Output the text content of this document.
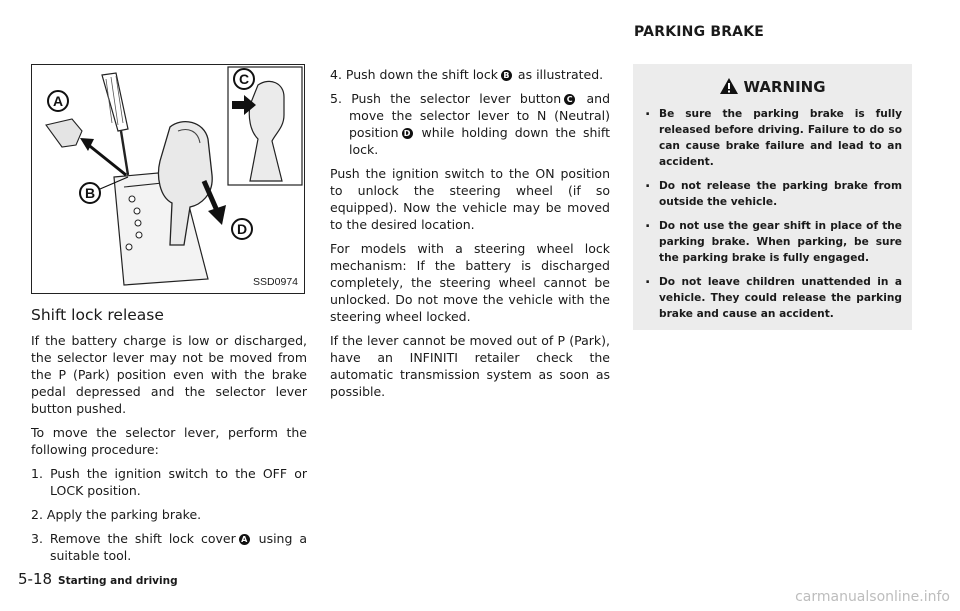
PARKING BRAKE
A
B
C
D
SSD0974
Shift lock release

If the battery charge is low or discharged, the selector lever may not be moved from the P (Park) position even with the brake pedal depressed and the selector lever button pushed.

To move the selector lever, perform the following procedure:

1. Push the ignition switch to the OFF or LOCK position.
2. Apply the parking brake.
3. Remove the shift lock cover A using a suitable tool.
4. Push down the shift lock B as illustrated.
5. Push the selector lever button C and move the selector lever to N (Neutral) position D while holding down the shift lock.

Push the ignition switch to the ON position to unlock the steering wheel (if so equipped). Now the vehicle may be moved to the desired location.

For models with a steering wheel lock mechanism: If the battery is discharged completely, the steering wheel cannot be unlocked. Do not move the vehicle with the steering wheel locked.

If the lever cannot be moved out of P (Park), have an INFINITI retailer check the automatic transmission system as soon as possible.

WARNING
. Be sure the parking brake is fully released before driving. Failure to do so can cause brake failure and lead to an accident.
. Do not release the parking brake from outside the vehicle.
. Do not use the gear shift in place of the parking brake. When parking, be sure the parking brake is fully engaged.
. Do not leave children unattended in a vehicle. They could release the parking brake and cause an accident.
5-18 Starting and driving
carmanualsonline.info
